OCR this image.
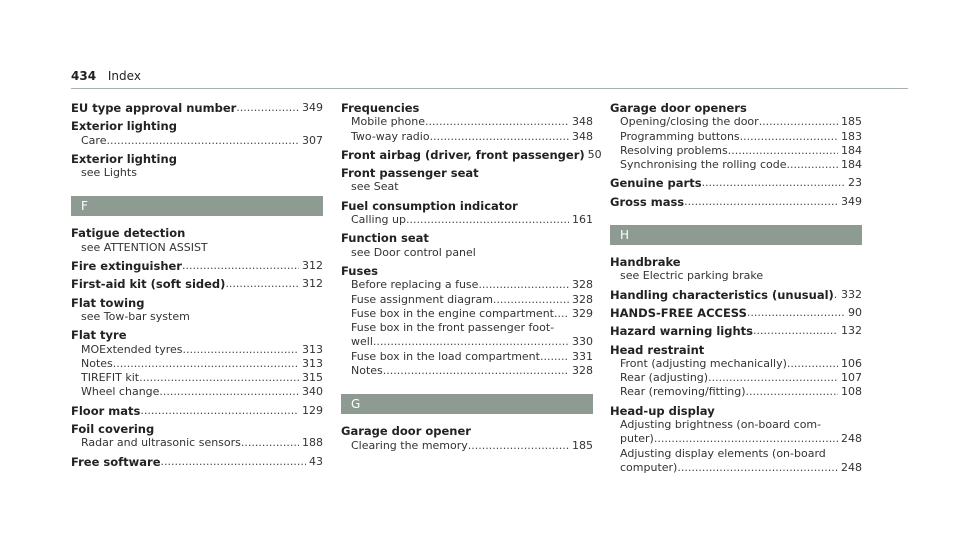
434 Index
EU type approval number .....	349
Exterior lighting
Care .....	307
Exterior lighting
see Lights
F
Fatigue detection
see ATTENTION ASSIST
Fire extinguisher .....	312
First-aid kit (soft sided) .....	312
Flat towing
see Tow-bar system
Flat tyre
MOExtended tyres .....	313
Notes .....	313
TIREFIT kit .....	315
Wheel change .....	340
Floor mats .....	129
Foil covering
Radar and ultrasonic sensors .....	188
Free software .....	43
Frequencies
Mobile phone .....	348
Two-way radio .....	348
Front airbag (driver, front passenger) 50
Front passenger seat
see Seat
Fuel consumption indicator
Calling up .....	161
Function seat
see Door control panel
Fuses
Before replacing a fuse .....	328
Fuse assignment diagram .....	328
Fuse box in the engine compartment ..... 329
Fuse box in the front passenger foot-
well .....	330
Fuse box in the load compartment .....	331
Notes .....	328
G
Garage door opener
Clearing the memory .....	185
Garage door openers
Opening/closing the door .....	185
Programming buttons .....	183
Resolving problems .....	184
Synchronising the rolling code .....	184
Genuine parts .....	23
Gross mass .....	349
H
Handbrake
see Electric parking brake
Handling characteristics (unusual) ..... 332
HANDS-FREE ACCESS .....	90
Hazard warning lights .....	132
Head restraint
Front (adjusting mechanically) .....	106
Rear (adjusting) .....	107
Rear (removing/fitting) .....	108
Head-up display
Adjusting brightness (on-board com-
puter) .....	248
Adjusting display elements (on-board
computer) .....	248
